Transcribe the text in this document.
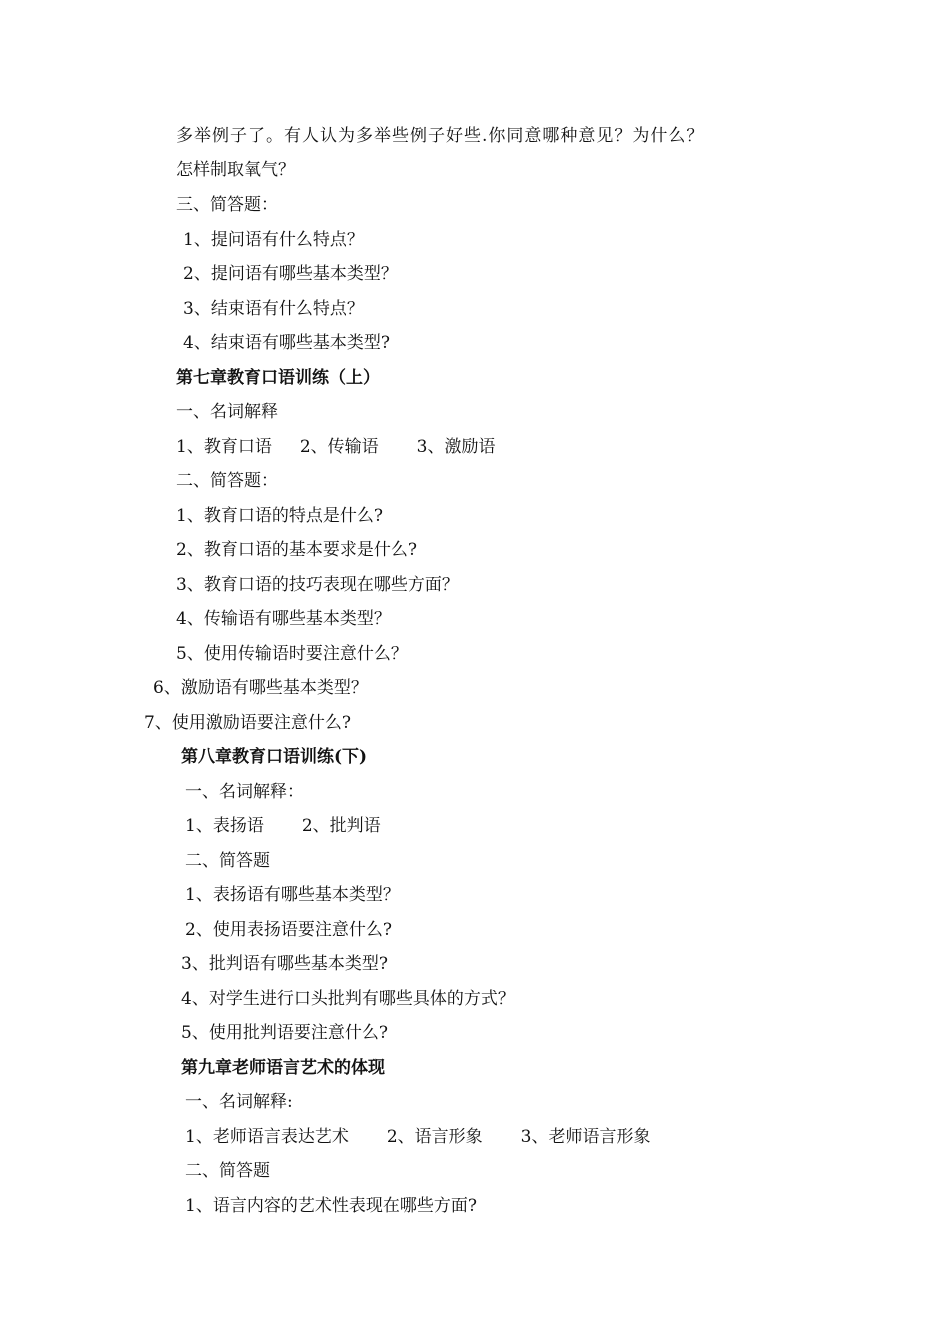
多举例子了。有人认为多举些例子好些.你同意哪种意见？为什么？
怎样制取氧气？
三、简答题：
1、提问语有什么特点？
2、提问语有哪些基本类型？
3、结束语有什么特点？
4、结束语有哪些基本类型?
第七章教育口语训练（上）
一、名词解释
1、教育口语 2、传输语 3、激励语
二、简答题：
1、教育口语的特点是什么?
2、教育口语的基本要求是什么?
3、教育口语的技巧表现在哪些方面？
4、传输语有哪些基本类型？
5、使用传输语时要注意什么？
6、激励语有哪些基本类型？
7、使用激励语要注意什么?
第八章教育口语训练(下)
一、名词解释：
1、表扬语 2、批判语
二、简答题
1、表扬语有哪些基本类型？
2、使用表扬语要注意什么?
3、批判语有哪些基本类型?
4、对学生进行口头批判有哪些具体的方式？
5、使用批判语要注意什么?
第九章老师语言艺术的体现
一、名词解释:
1、老师语言表达艺术 2、语言形象 3、老师语言形象
二、简答题
1、语言内容的艺术性表现在哪些方面?
